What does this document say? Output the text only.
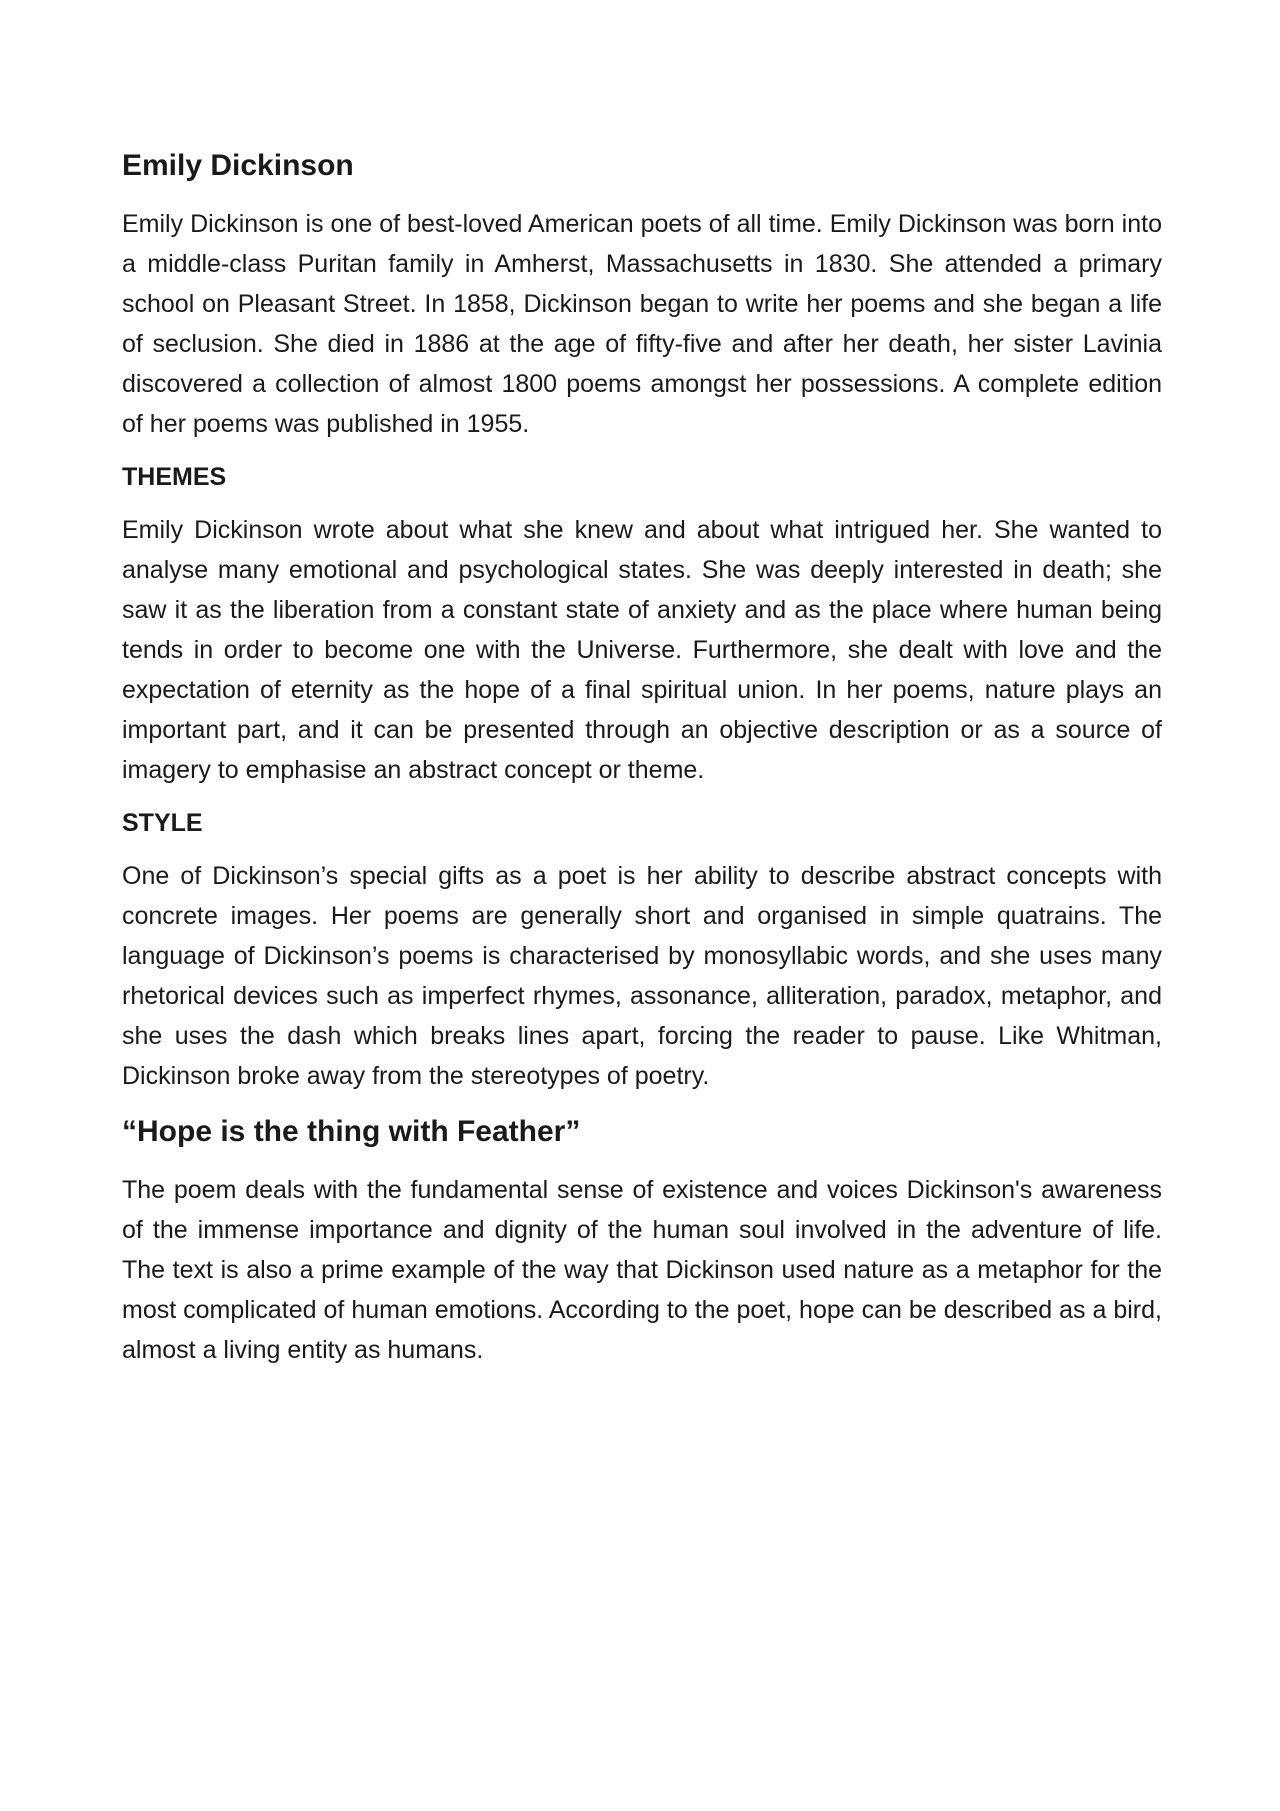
Emily Dickinson

Emily Dickinson is one of best-loved American poets of all time. Emily Dickinson was born into a middle-class Puritan family in Amherst, Massachusetts in 1830. She attended a primary school on Pleasant Street. In 1858, Dickinson began to write her poems and she began a life of seclusion. She died in 1886 at the age of fifty-five and after her death, her sister Lavinia discovered a collection of almost 1800 poems amongst her possessions. A complete edition of her poems was published in 1955.

THEMES

Emily Dickinson wrote about what she knew and about what intrigued her. She wanted to analyse many emotional and psychological states. She was deeply interested in death; she saw it as the liberation from a constant state of anxiety and as the place where human being tends in order to become one with the Universe. Furthermore, she dealt with love and the expectation of eternity as the hope of a final spiritual union. In her poems, nature plays an important part, and it can be presented through an objective description or as a source of imagery to emphasise an abstract concept or theme.

STYLE

One of Dickinson’s special gifts as a poet is her ability to describe abstract concepts with concrete images. Her poems are generally short and organised in simple quatrains. The language of Dickinson’s poems is characterised by monosyllabic words, and she uses many rhetorical devices such as imperfect rhymes, assonance, alliteration, paradox, metaphor, and she uses the dash which breaks lines apart, forcing the reader to pause. Like Whitman, Dickinson broke away from the stereotypes of poetry.

“Hope is the thing with Feather”

The poem deals with the fundamental sense of existence and voices Dickinson's awareness of the immense importance and dignity of the human soul involved in the adventure of life. The text is also a prime example of the way that Dickinson used nature as a metaphor for the most complicated of human emotions. According to the poet, hope can be described as a bird, almost a living entity as humans.
